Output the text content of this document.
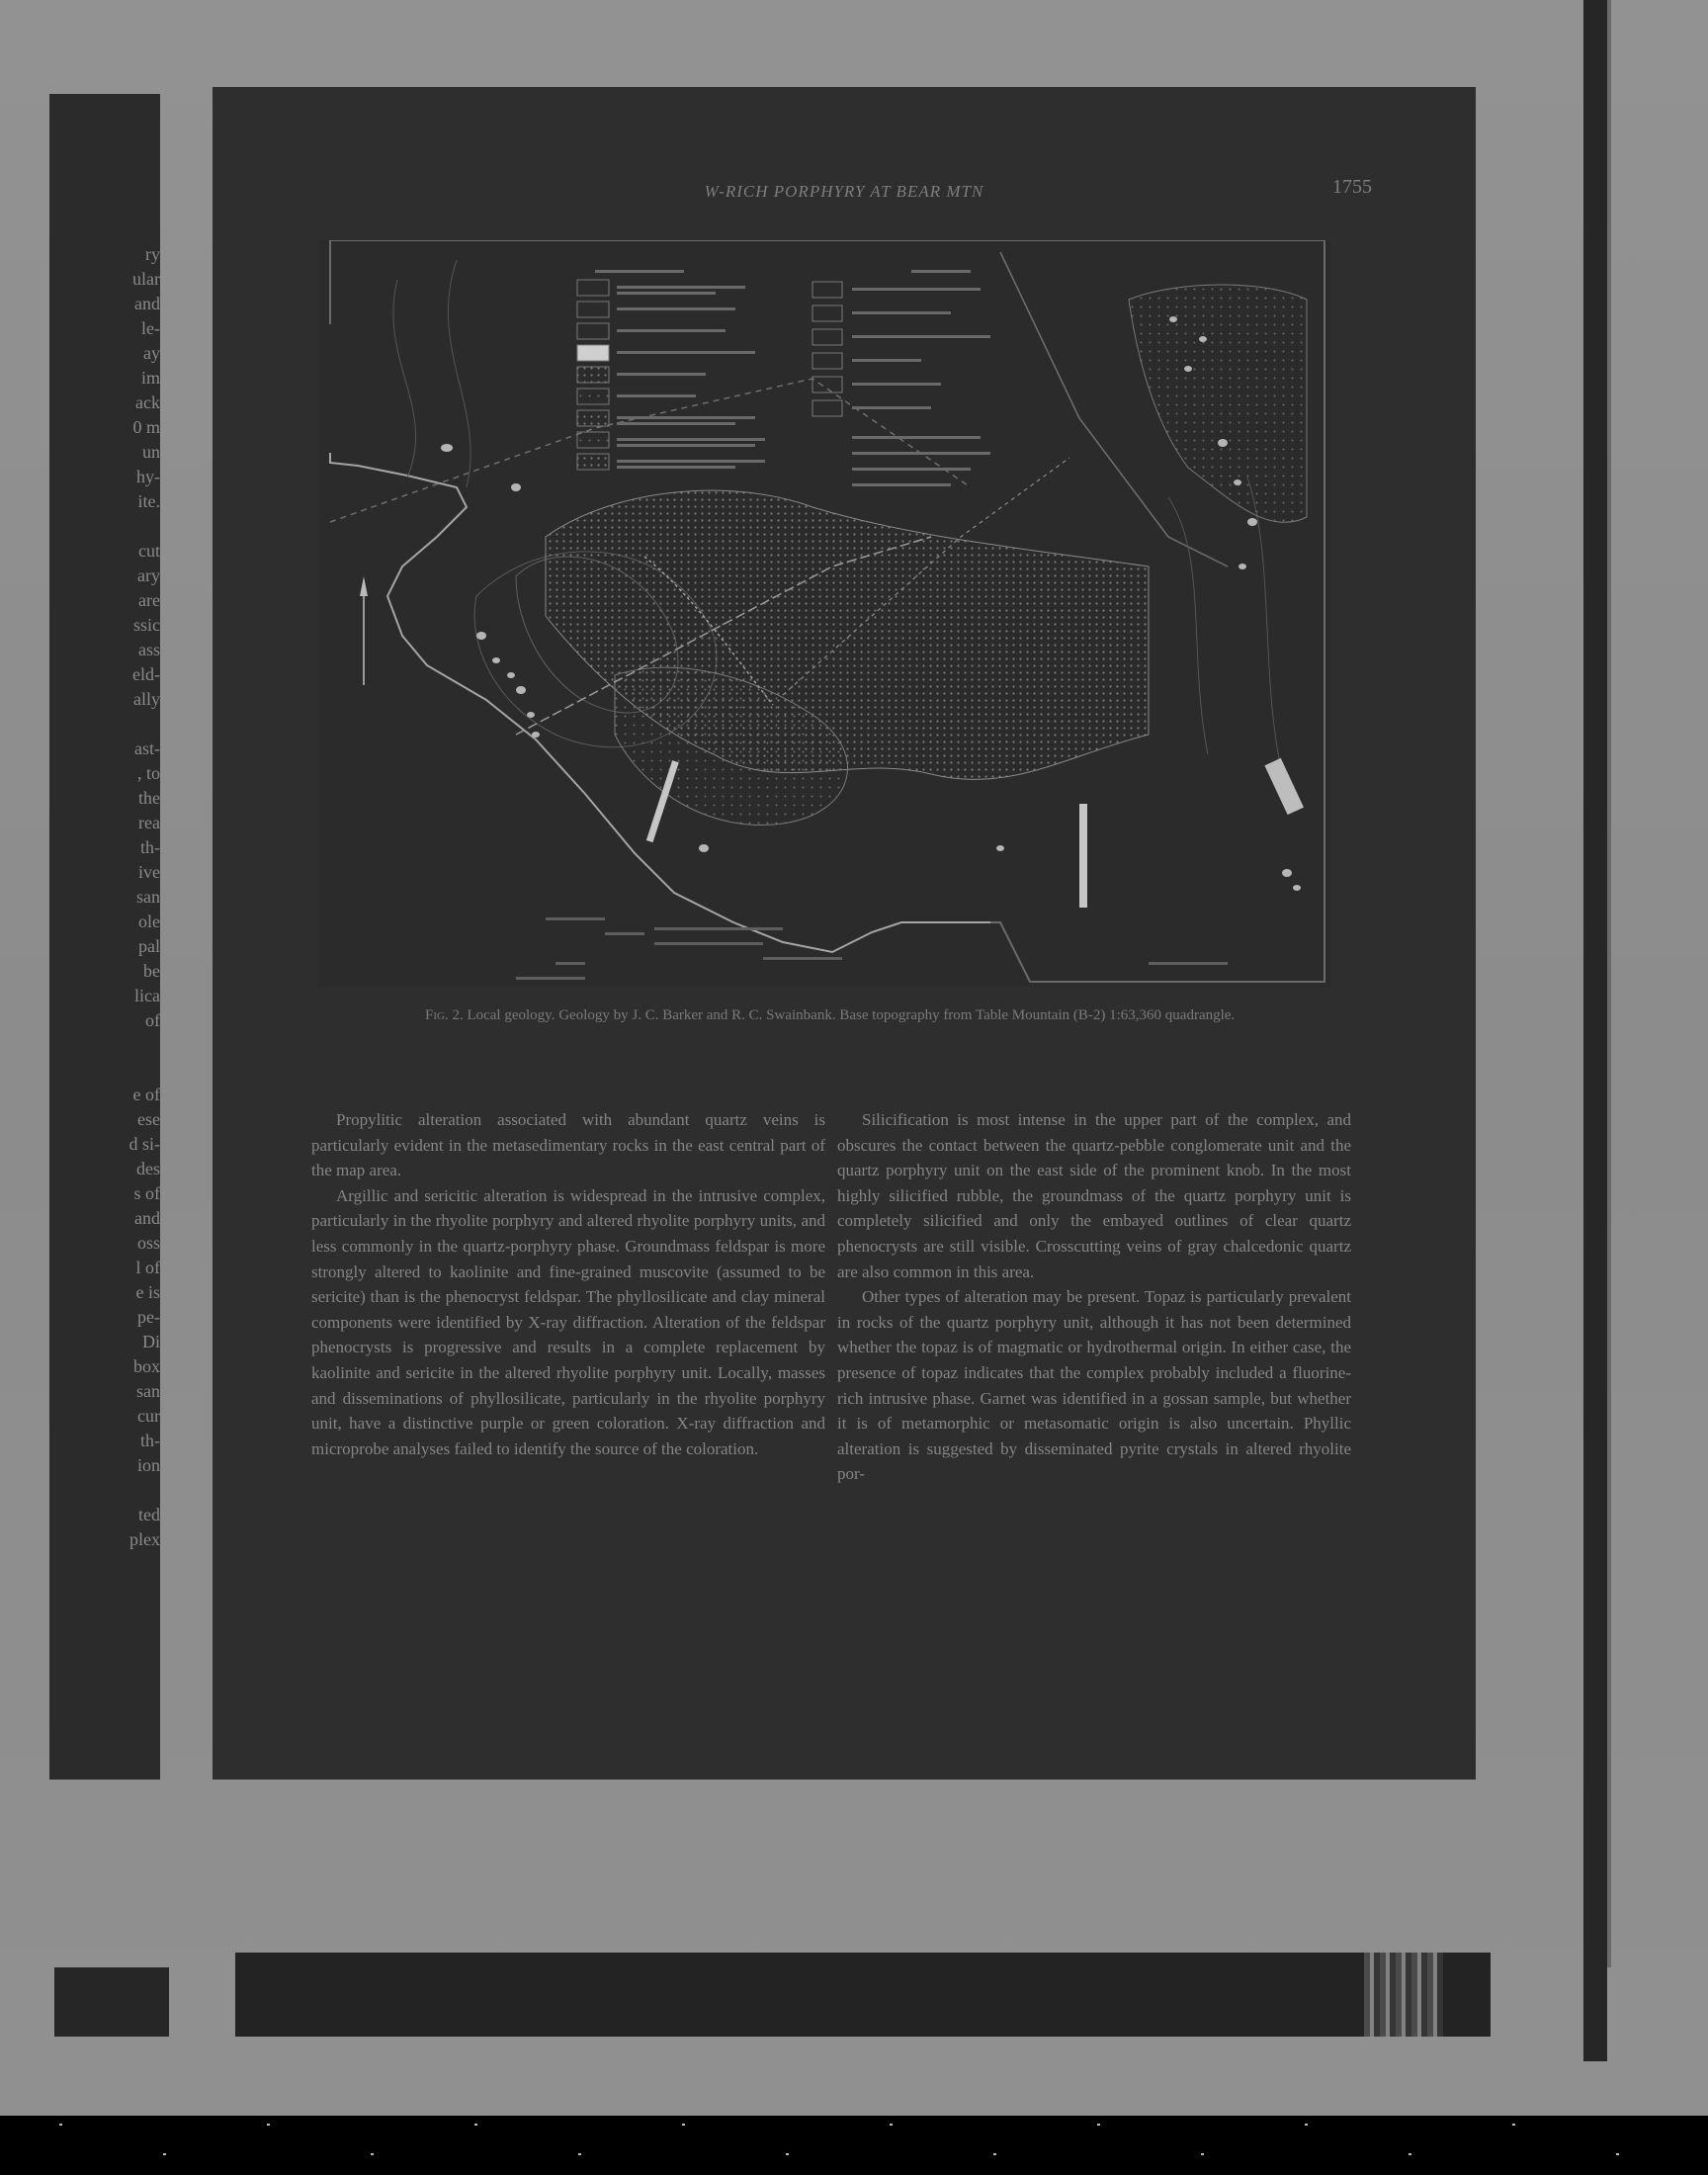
ry
ular
and
le-
ay
im
ack
0 m
un
hy-
ite.
cut
ary
are
ssic
ass
eld-
ally
ast-
, to
the
rea
th-
ive
san
ole
pal
be
lica
of
e of
ese
d si-
des
s of
and
oss
l of
e is
pe-
Di
box
san
cur
th-
ion
ted
plex
W-RICH PORPHYRY AT BEAR MTN	1755
Fig. 2. Local geology. Geology by J. C. Barker and R. C. Swainbank. Base topography from Table Mountain (B-2) 1:63,360 quadrangle.

Propylitic alteration associated with abundant quartz veins is particularly evident in the metasedimentary rocks in the east central part of the map area.

Argillic and sericitic alteration is widespread in the intrusive complex, particularly in the rhyolite porphyry and altered rhyolite porphyry units, and less commonly in the quartz-porphyry phase. Groundmass feldspar is more strongly altered to kaolinite and fine-grained muscovite (assumed to be sericite) than is the phenocryst feldspar. The phyllosilicate and clay mineral components were identified by X-ray diffraction. Alteration of the feldspar phenocrysts is progressive and results in a complete replacement by kaolinite and sericite in the altered rhyolite porphyry unit. Locally, masses and disseminations of phyllosilicate, particularly in the rhyolite porphyry unit, have a distinctive purple or green coloration. X-ray diffraction and microprobe analyses failed to identify the source of the coloration.

Silicification is most intense in the upper part of the complex, and obscures the contact between the quartz-pebble conglomerate unit and the quartz porphyry unit on the east side of the prominent knob. In the most highly silicified rubble, the groundmass of the quartz porphyry unit is completely silicified and only the embayed outlines of clear quartz phenocrysts are still visible. Crosscutting veins of gray chalcedonic quartz are also common in this area.

Other types of alteration may be present. Topaz is particularly prevalent in rocks of the quartz porphyry unit, although it has not been determined whether the topaz is of magmatic or hydrothermal origin. In either case, the presence of topaz indicates that the complex probably included a fluorine-rich intrusive phase. Garnet was identified in a gossan sample, but whether it is of metamorphic or metasomatic origin is also uncertain. Phyllic alteration is suggested by disseminated pyrite crystals in altered rhyolite por-
